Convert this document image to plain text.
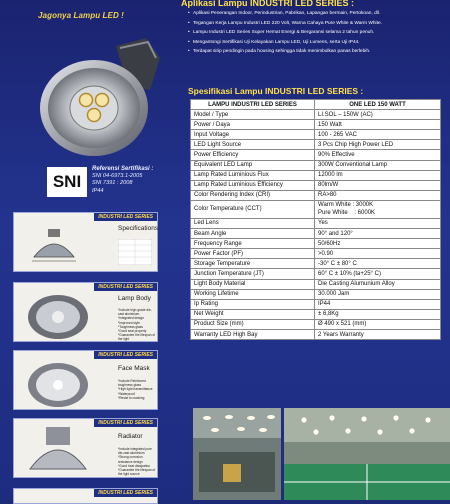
Jagonya Lampu LED !
SNI
Referensi Sertifikasi :
SNI 04-6973.1-2005
SNI 7391 : 2008
IP44
INDUSTRI LED SERIES
Specifications
INDUSTRI LED SERIES
Lamp Body
*Include high grade die-cast aluminium
*Integrated design
*Improved style
*Toughness glass
*Good seal property
*Guarantee the lifespan of the light
INDUSTRI LED SERIES
Face Mask
*Include Reinforced toughness glass
*High light transmittance
*Waterproof
*Resist to cracking
INDUSTRI LED SERIES
Radiator
*Include integrated pure die-cast aluminium
*Strong corrosion resistance design
*Good heat dissipation
*Guarantee the lifespan of the light source
INDUSTRI LED SERIES
Aplikasi Lampu INDUSTRI LED SERIES :
• Aplikasi Penerangan Indoor, Perindustrian, Pabrikan, Lapangan bermain, Pertokoan, dll.
• Tegangan Kerja Lampu Industri LED 220 Volt, Warna Cahaya Pure White & Warm White.
• Lampu Industri LED Series Super Hemat Energi & Bergaransi selama 2 tahun penuh.
• Mengantongi Sertifikasi Uji Kelayakan Lampu LED, Uji Lumens, serta Uji IP44.
• Terdapat sirip pendingin pada housing sehingga tidak menimbulkan panas berlebih.
Spesifikasi Lampu INDUSTRI LED SERIES :
LAMPU INDUSTRI LED SERIES	ONE LED 150 WATT
Model / Type	LI.SOL – 150W (AC)
Power / Daya	150 Watt
Input Voltage	100 - 265 VAC
LED Light Source	3 Pcs Chip High Power LED
Power Efficiency	90% Effective
Equivalent LED Lamp	300W Conventional Lamp
Lamp Rated Luminious Flux	12000 lm
Lamp Rated Luminious Efficiency	80lm/W
Color Rendering Index (CRI)	RA>80
Color Temperature (CCT)	Warm White : 3000K
Pure White    : 6000K
Led Lens	Yes
Beam Angle	90° and 120°
Frequency Range	50/60Hz
Power Factor (PF)	>0.90
Storage Temperature	-30° C ± 80° C
Junction Temperature (JT)	60° C ± 10% (ta+25° C)
Light Body Material	Die Casting Alumunium Alloy
Working Lifetime	30.000 Jam
Ip Rating	IP44
Net Weight	± 6,8Kg
Product Size (mm)	Ø 490 x 521 (mm)
Warranty LED High Bay	2 Years Warranty
